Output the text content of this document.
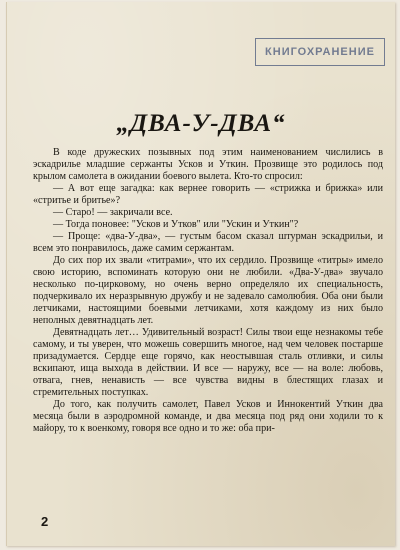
КНИГОХРАНЕНИЕ
„ДВА-У-ДВА“

В коде дружеских позывных под этим наименованием числились в эскадрилье младшие сержанты Усков и Уткин. Прозвище это родилось под крылом самолета в ожидании боевого вылета. Кто-то спросил:

— А вот еще загадка: как вернее говорить — «стрижка и брижка» или «стритье и бритье»?

— Старо! — закричали все.

— Тогда поновее: "Усков и Утков" или "Ускин и Уткин"?

— Проще: «два-У-два», — густым басом сказал штурман эскадрильи, и всем это понравилось, даже самим сержантам.

До сих пор их звали «титрами», что их сердило. Прозвище «титры» имело свою историю, вспоминать которую они не любили. «Два-У-два» звучало несколько по-цирковому, но очень верно определяло их специальность, подчеркивало их неразрывную дружбу и не задевало самолюбия. Оба они были летчиками, настоящими боевыми летчиками, хотя каждому из них было неполных девятнадцать лет.

Девятнадцать лет… Удивительный возраст! Силы твои еще незнакомы тебе самому, и ты уверен, что можешь совершить многое, над чем человек постарше призадумается. Сердце еще горячо, как неостывшая сталь отливки, и силы вскипают, ища выхода в действии. И все — наружу, все — на воле: любовь, отвага, гнев, ненависть — все чувства видны в блестящих глазах и стремительных поступках.

До того, как получить самолет, Павел Усков и Иннокентий Уткин два месяца были в аэродромной команде, и два месяца под ряд они ходили то к майору, то к военкому, говоря все одно и то же: оба при-

2
